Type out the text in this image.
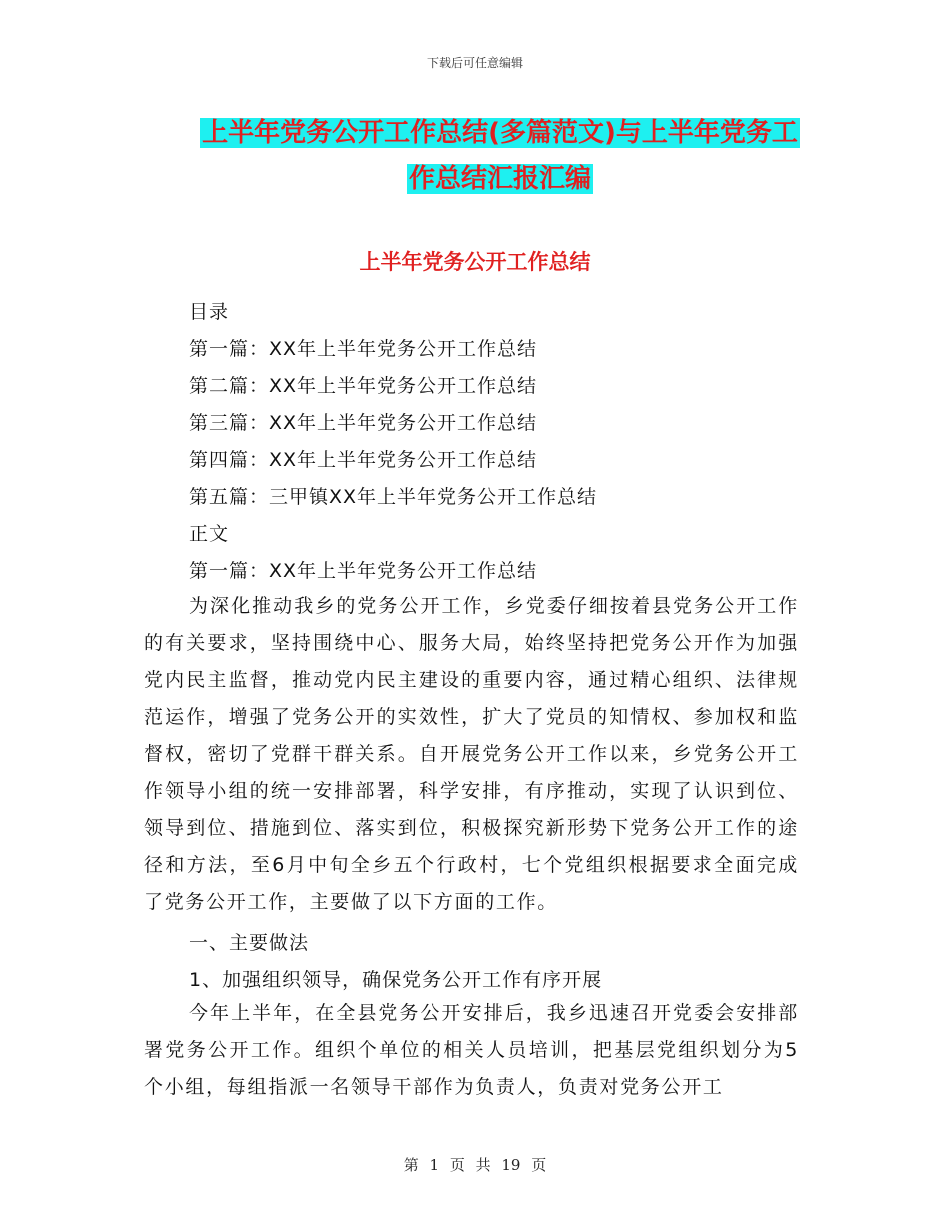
下载后可任意编辑
上半年党务公开工作总结(多篇范文)与上半年党务工
作总结汇报汇编
上半年党务公开工作总结
目录
第一篇：XX年上半年党务公开工作总结
第二篇：XX年上半年党务公开工作总结
第三篇：XX年上半年党务公开工作总结
第四篇：XX年上半年党务公开工作总结
第五篇：三甲镇XX年上半年党务公开工作总结
正文
第一篇：XX年上半年党务公开工作总结
为深化推动我乡的党务公开工作，乡党委仔细按着县党务公开工作的有关要求，坚持围绕中心、服务大局，始终坚持把党务公开作为加强党内民主监督，推动党内民主建设的重要内容，通过精心组织、法律规范运作，增强了党务公开的实效性，扩大了党员的知情权、参加权和监督权，密切了党群干群关系。自开展党务公开工作以来，乡党务公开工作领导小组的统一安排部署，科学安排，有序推动，实现了认识到位、领导到位、措施到位、落实到位，积极探究新形势下党务公开工作的途径和方法，至6月中旬全乡五个行政村，七个党组织根据要求全面完成了党务公开工作，主要做了以下方面的工作。
一、主要做法
1、加强组织领导，确保党务公开工作有序开展
今年上半年，在全县党务公开安排后，我乡迅速召开党委会安排部署党务公开工作。组织个单位的相关人员培训，把基层党组织划分为5个小组，每组指派一名领导干部作为负责人，负责对党务公开工
第 1 页 共 19 页
